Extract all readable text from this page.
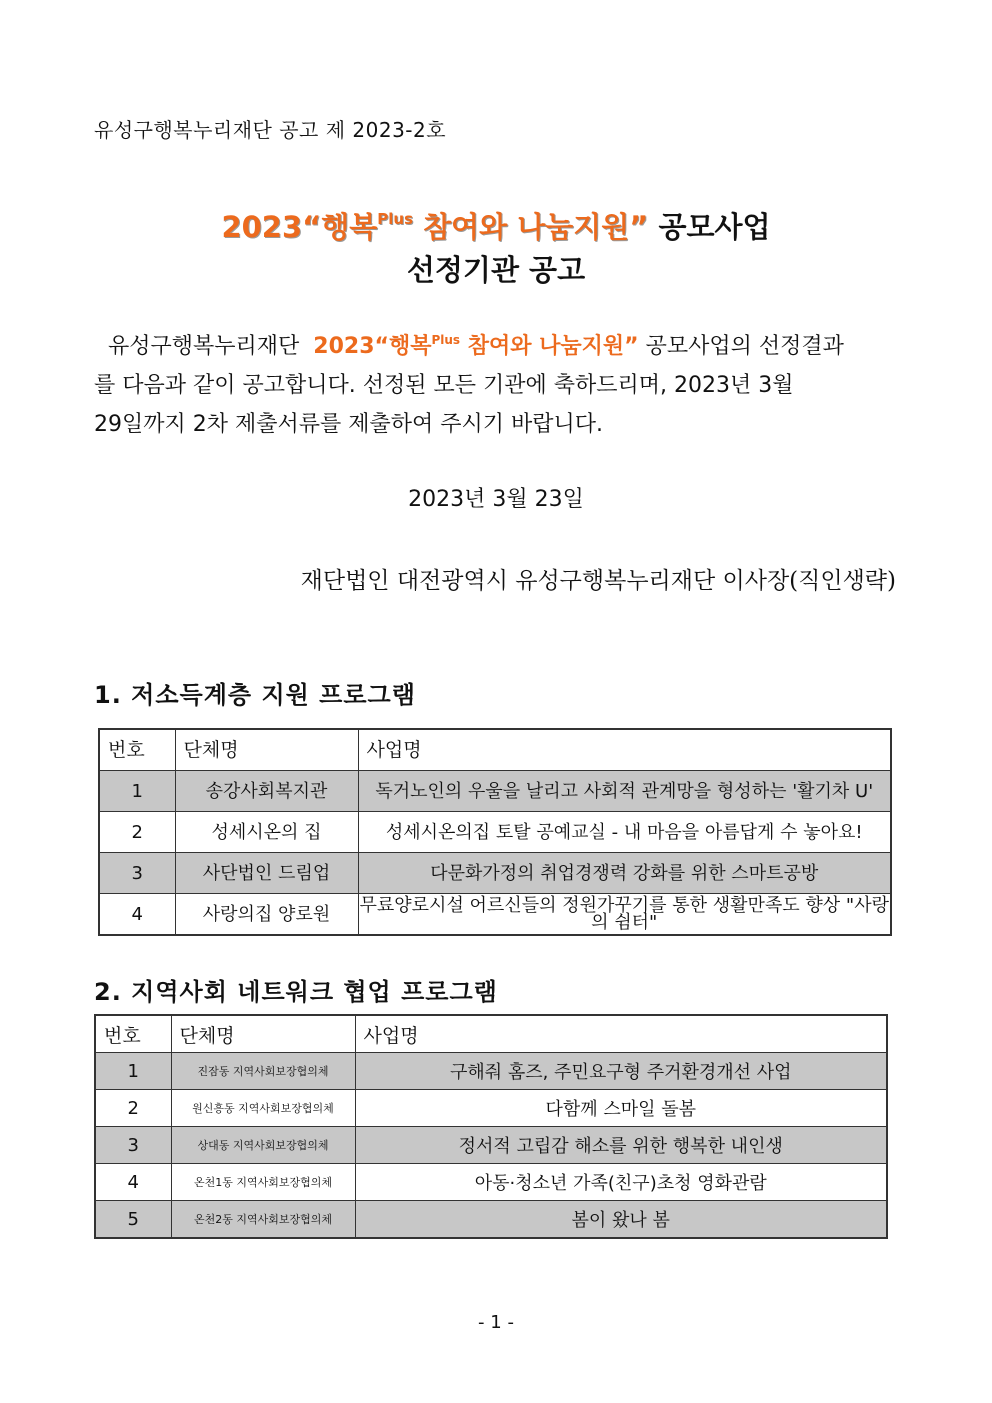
유성구행복누리재단 공고 제 2023-2호
2023“행복$^{Plus}$ 참여와 나눔지원” 공모사업
선정기관 공고
유성구행복누리재단  2023“행복$^{Plus}$ 참여와 나눔지원” 공모사업의 선정결과
를 다음과 같이 공고합니다. 선정된 모든 기관에 축하드리며, 2023년 3월
29일까지 2차 제출서류를 제출하여 주시기 바랍니다.
2023년 3월 23일
재단법인 대전광역시 유성구행복누리재단 이사장(직인생략)
1. 저소득계층 지원 프로그램
번호	단체명	사업명
1	송강사회복지관	독거노인의 우울을 날리고 사회적 관계망을 형성하는 '활기차 U'
2	성세시온의 집	성세시온의집 토탈 공예교실 - 내 마음을 아름답게 수 놓아요!
3	사단법인 드림업	다문화가정의 취업경쟁력 강화를 위한 스마트공방
4	사랑의집 양로원	무료양로시설 어르신들의 정원가꾸기를 통한 생활만족도 향상 "사랑의 쉼터"
2. 지역사회 네트워크 협업 프로그램
번호	단체명	사업명
1	진잠동 지역사회보장협의체	구해줘 홈즈, 주민요구형 주거환경개선 사업
2	원신흥동 지역사회보장협의체	다함께 스마일 돌봄
3	상대동 지역사회보장협의체	정서적 고립감 해소를 위한 행복한 내인생
4	온천1동 지역사회보장협의체	아동·청소년 가족(친구)초청 영화관람
5	온천2동 지역사회보장협의체	봄이 왔나 봄
- 1 -
